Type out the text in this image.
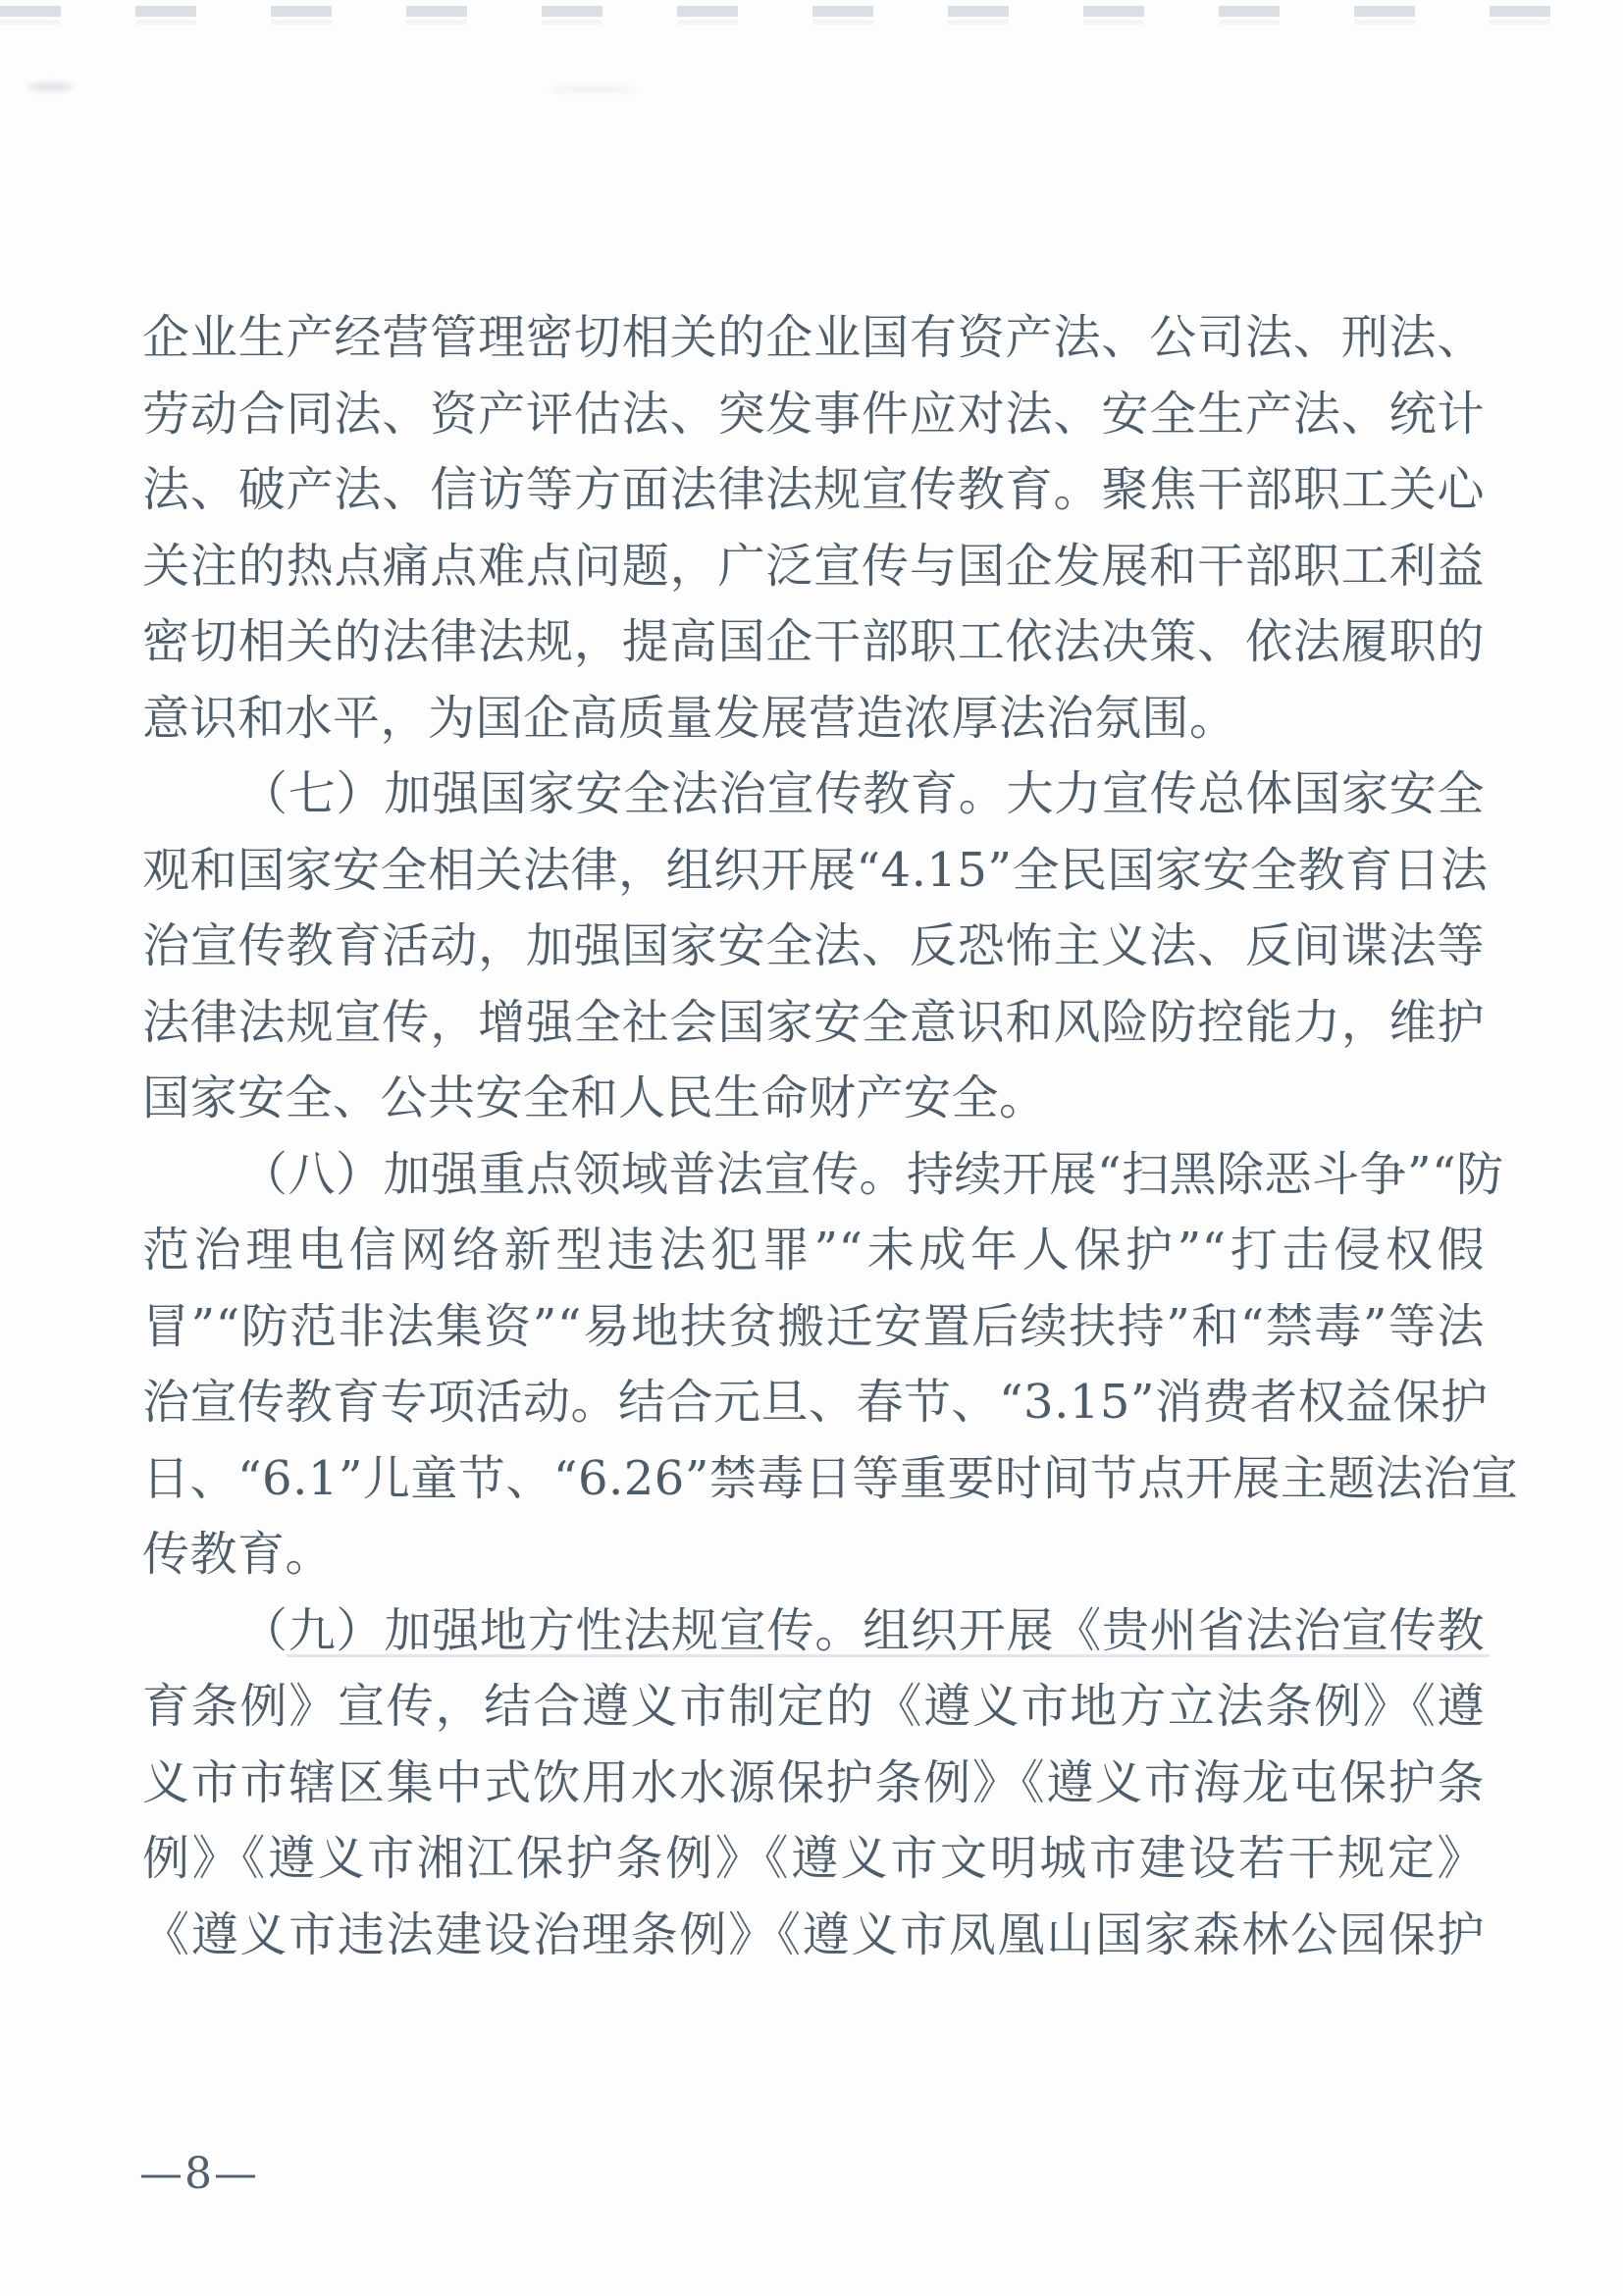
企业生产经营管理密切相关的企业国有资产法、公司法、刑法、

劳动合同法、资产评估法、突发事件应对法、安全生产法、统计

法、破产法、信访等方面法律法规宣传教育。聚焦干部职工关心

关注的热点痛点难点问题，广泛宣传与国企发展和干部职工利益

密切相关的法律法规，提高国企干部职工依法决策、依法履职的

意识和水平，为国企高质量发展营造浓厚法治氛围。

（七）加强国家安全法治宣传教育。大力宣传总体国家安全

观和国家安全相关法律，组织开展“4.15”全民国家安全教育日法

治宣传教育活动，加强国家安全法、反恐怖主义法、反间谍法等

法律法规宣传，增强全社会国家安全意识和风险防控能力，维护

国家安全、公共安全和人民生命财产安全。

（八）加强重点领域普法宣传。持续开展“扫黑除恶斗争”“防

范治理电信网络新型违法犯罪”“未成年人保护”“打击侵权假

冒”“防范非法集资”“易地扶贫搬迁安置后续扶持”和“禁毒”等法

治宣传教育专项活动。结合元旦、春节、“3.15”消费者权益保护

日、“6.1”儿童节、“6.26”禁毒日等重要时间节点开展主题法治宣

传教育。

（九）加强地方性法规宣传。组织开展《贵州省法治宣传教

育条例》宣传，结合遵义市制定的《遵义市地方立法条例》《遵

义市市辖区集中式饮用水水源保护条例》《遵义市海龙屯保护条

例》《遵义市湘江保护条例》《遵义市文明城市建设若干规定》

《遵义市违法建设治理条例》《遵义市凤凰山国家森林公园保护

—8—
